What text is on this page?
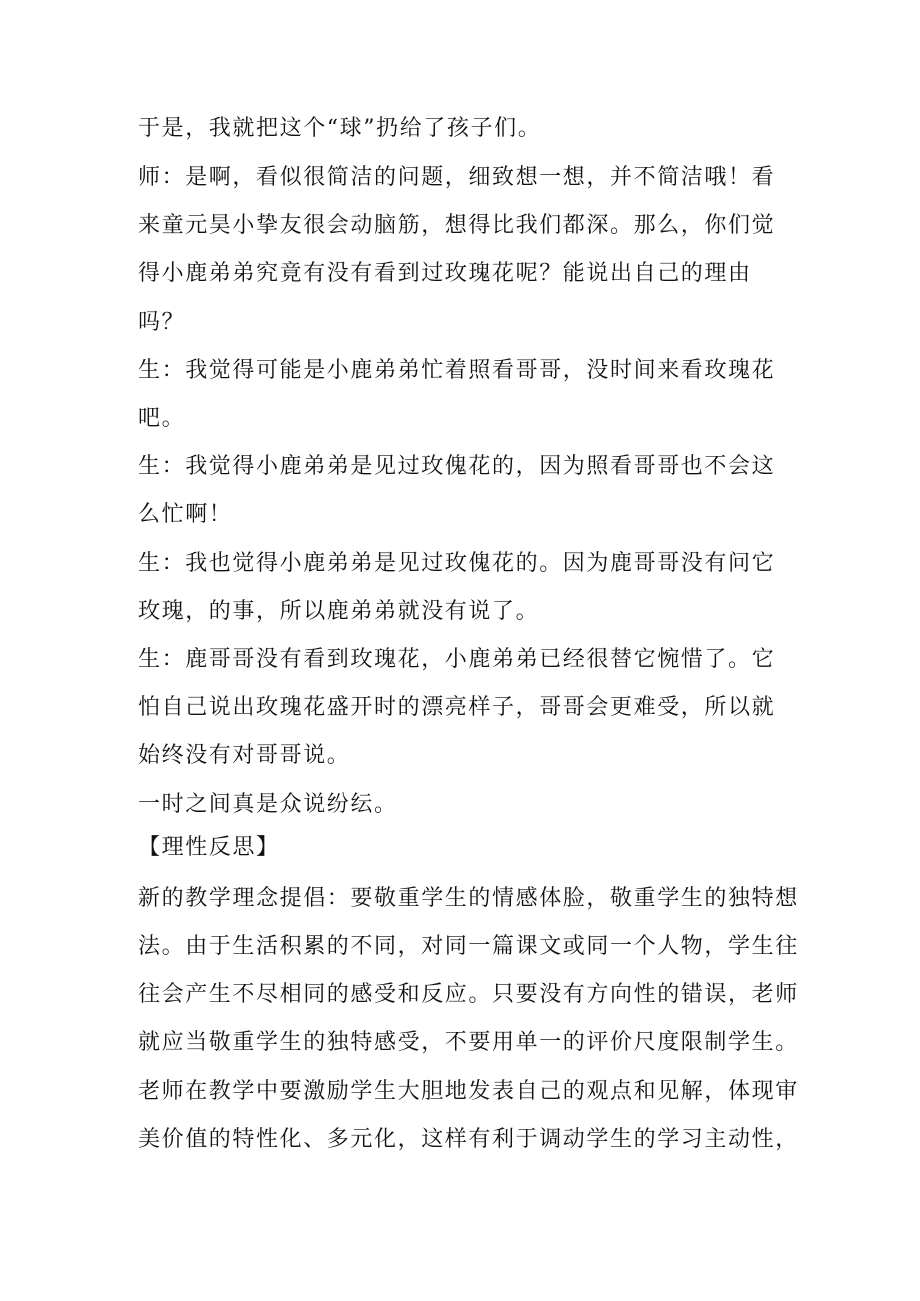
于是，我就把这个“球”扔给了孩子们。
师：是啊，看似很简洁的问题，细致想一想，并不简洁哦！看
来童元昊小挚友很会动脑筋，想得比我们都深。那么，你们觉
得小鹿弟弟究竟有没有看到过玫瑰花呢？能说出自己的理由
吗？
生：我觉得可能是小鹿弟弟忙着照看哥哥，没时间来看玫瑰花
吧。
生：我觉得小鹿弟弟是见过玫傀花的，因为照看哥哥也不会这
么忙啊！
生：我也觉得小鹿弟弟是见过玫傀花的。因为鹿哥哥没有问它
玫瑰，的事，所以鹿弟弟就没有说了。
生：鹿哥哥没有看到玫瑰花，小鹿弟弟已经很替它惋惜了。它
怕自己说出玫瑰花盛开时的漂亮样子，哥哥会更难受，所以就
始终没有对哥哥说。
一时之间真是众说纷纭。
【理性反思】
新的教学理念提倡：要敬重学生的情感体脸，敬重学生的独特想
法。由于生活积累的不同，对同一篇课文或同一个人物，学生往
往会产生不尽相同的感受和反应。只要没有方向性的错误，老师
就应当敬重学生的独特感受，不要用单一的评价尺度限制学生。
老师在教学中要激励学生大胆地发表自己的观点和见解，体现审
美价值的特性化、多元化，这样有利于调动学生的学习主动性，
